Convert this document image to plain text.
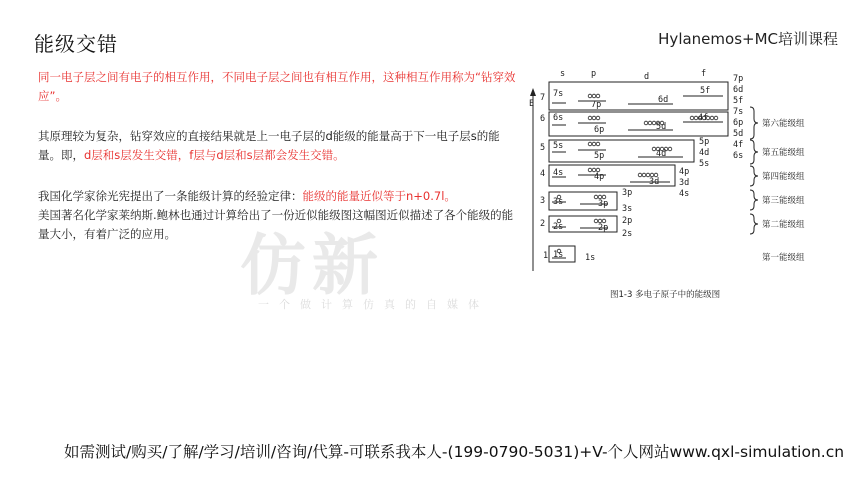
能级交错	Hylanemos+MC培训课程
仿新
一个做计算仿真的自媒体
同一电子层之间有电子的相互作用，不同电子层之间也有相互作用，这种相互作用称为“钻穿效应”。
其原理较为复杂，钻穿效应的直接结果就是上一电子层的d能级的能量高于下一电子层s的能量。即，d层和s层发生交错，f层与d层和s层都会发生交错。
我国化学家徐光宪提出了一条能级计算的经验定律：能级的能量近似等于n+0.7l。
美国著名化学家莱纳斯.鲍林也通过计算给出了一份近似能级图这幅图近似描述了各个能级的能量大小，有着广泛的应用。
s	p	d	f
E
7
6
5
4
3
2
1
7s
7p	6d
5f
6s
6p	5d
4f
5s
5p	4d
4s	4p	3d
3s	3p
2s	2p
1s
7p
6d
5f
7s
6p
5d
4f
6s
5p
4d
5s
4p
3d
4s
3p
3s
2p
2s
1s
第六能级组
第五能级组
第四能级组
第三能级组
第二能级组
第一能级组
图1-3 多电子原子中的能级图
如需测试/购买/了解/学习/培训/咨询/代算-可联系我本人-(199-0790-5031)+V-个人网站www.qxl-simulation.cn
